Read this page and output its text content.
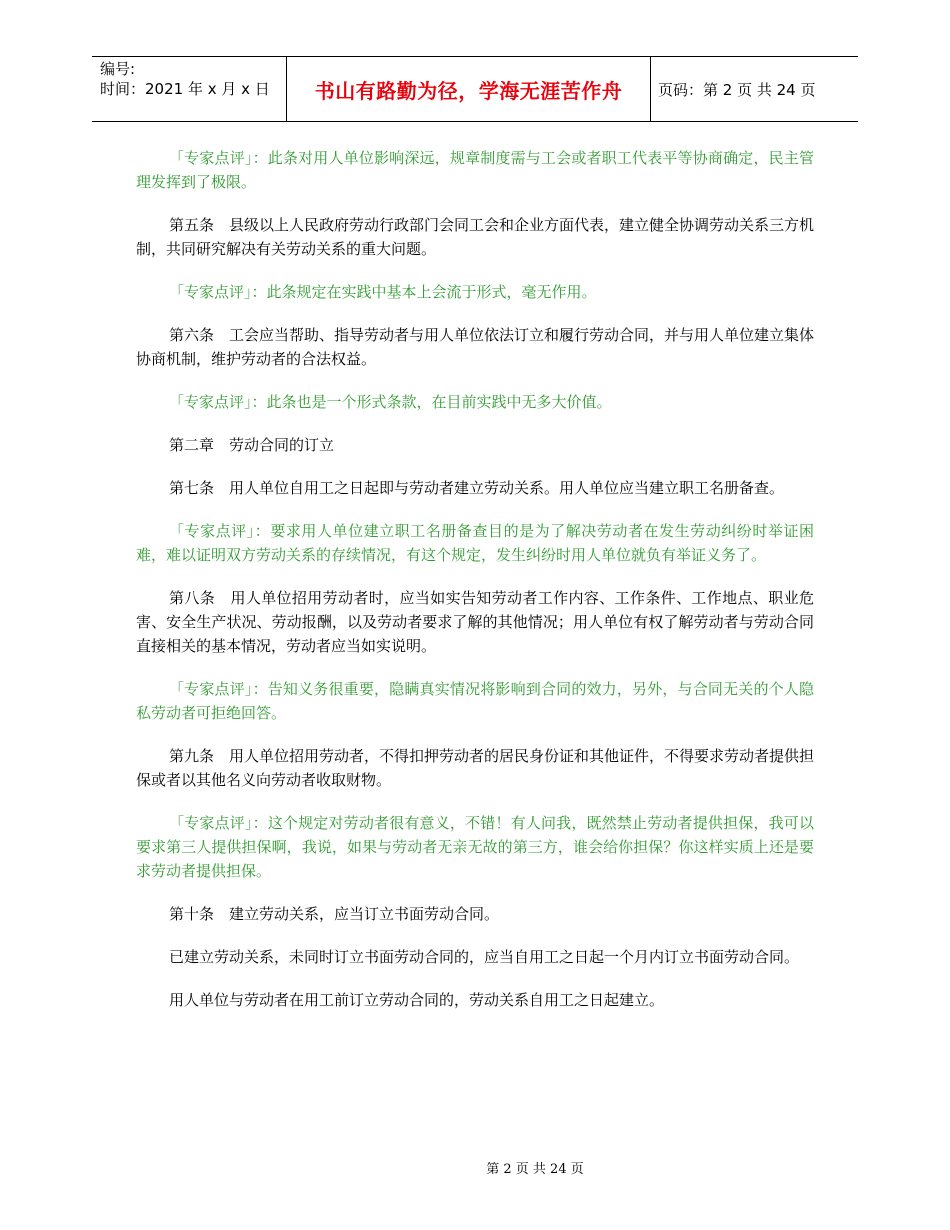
编号:
时间：2021 年 x 月 x 日	书山有路勤为径，学海无涯苦作舟	页码：第 2 页 共 24 页

「专家点评」：此条对用人单位影响深远，规章制度需与工会或者职工代表平等协商确定，民主管理发挥到了极限。

第五条　县级以上人民政府劳动行政部门会同工会和企业方面代表，建立健全协调劳动关系三方机制，共同研究解决有关劳动关系的重大问题。

「专家点评」：此条规定在实践中基本上会流于形式，毫无作用。

第六条　工会应当帮助、指导劳动者与用人单位依法订立和履行劳动合同，并与用人单位建立集体协商机制，维护劳动者的合法权益。

「专家点评」：此条也是一个形式条款，在目前实践中无多大价值。

第二章　劳动合同的订立

第七条　用人单位自用工之日起即与劳动者建立劳动关系。用人单位应当建立职工名册备查。

「专家点评」：要求用人单位建立职工名册备查目的是为了解决劳动者在发生劳动纠纷时举证困难，难以证明双方劳动关系的存续情况，有这个规定，发生纠纷时用人单位就负有举证义务了。

第八条　用人单位招用劳动者时，应当如实告知劳动者工作内容、工作条件、工作地点、职业危害、安全生产状况、劳动报酬，以及劳动者要求了解的其他情况；用人单位有权了解劳动者与劳动合同直接相关的基本情况，劳动者应当如实说明。

「专家点评」：告知义务很重要，隐瞒真实情况将影响到合同的效力，另外，与合同无关的个人隐私劳动者可拒绝回答。

第九条　用人单位招用劳动者，不得扣押劳动者的居民身份证和其他证件，不得要求劳动者提供担保或者以其他名义向劳动者收取财物。

「专家点评」：这个规定对劳动者很有意义，不错！有人问我，既然禁止劳动者提供担保，我可以要求第三人提供担保啊，我说，如果与劳动者无亲无故的第三方，谁会给你担保？你这样实质上还是要求劳动者提供担保。

第十条　建立劳动关系，应当订立书面劳动合同。

已建立劳动关系，未同时订立书面劳动合同的，应当自用工之日起一个月内订立书面劳动合同。

用人单位与劳动者在用工前订立劳动合同的，劳动关系自用工之日起建立。

第 2 页 共 24 页
